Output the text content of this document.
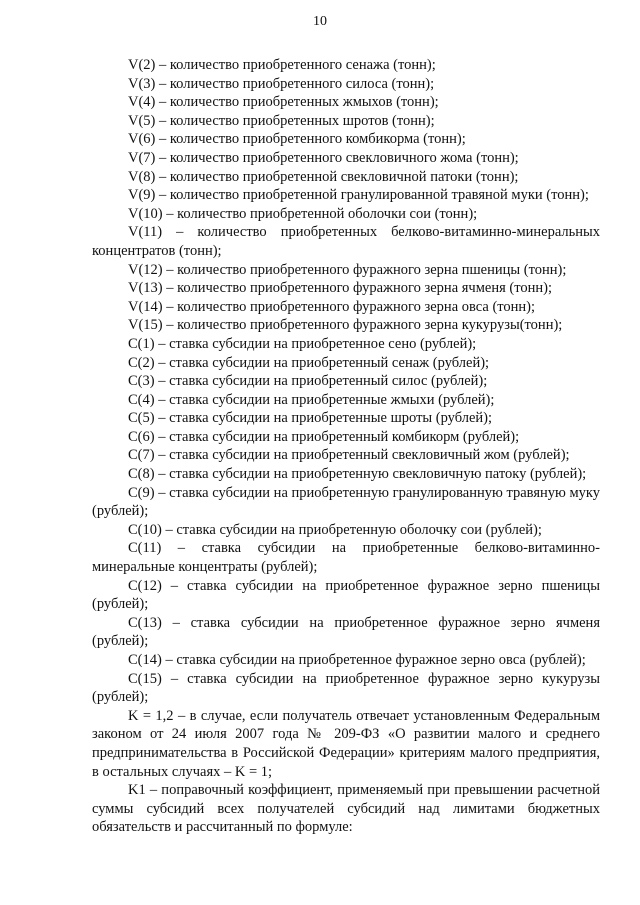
10
V(2) – количество приобретенного сенажа (тонн);
V(3) – количество приобретенного силоса (тонн);
V(4) – количество приобретенных жмыхов (тонн);
V(5) – количество приобретенных шротов (тонн);
V(6) – количество приобретенного комбикорма (тонн);
V(7) – количество приобретенного свекловичного жома (тонн);
V(8) – количество приобретенной свекловичной патоки (тонн);

V(9) – количество приобретенной гранулированной травяной муки (тонн);

V(10) – количество приобретенной оболочки сои (тонн);

V(11) – количество приобретенных белково-витаминно-минеральных концентратов (тонн);

V(12) – количество приобретенного фуражного зерна пшеницы (тонн);

V(13) – количество приобретенного фуражного зерна ячменя (тонн);

V(14) – количество приобретенного фуражного зерна овса (тонн);

V(15) – количество приобретенного фуражного зерна кукурузы(тонн);

C(1) – ставка субсидии на приобретенное сено (рублей);

C(2) – ставка субсидии на приобретенный сенаж (рублей);

C(3) – ставка субсидии на приобретенный силос (рублей);

C(4) – ставка субсидии на приобретенные жмыхи (рублей);

C(5) – ставка субсидии на приобретенные шроты (рублей);

C(6) – ставка субсидии на приобретенный комбикорм (рублей);

C(7) – ставка субсидии на приобретенный свекловичный жом (рублей);

C(8) – ставка субсидии на приобретенную свекловичную патоку (рублей);

C(9) – ставка субсидии на приобретенную гранулированную травяную муку (рублей);

C(10) – ставка субсидии на приобретенную оболочку сои (рублей);

C(11) – ставка субсидии на приобретенные белково-витаминно-минеральные концентраты (рублей);

C(12) – ставка субсидии на приобретенное фуражное зерно пшеницы (рублей);

C(13) – ставка субсидии на приобретенное фуражное зерно ячменя (рублей);

C(14) – ставка субсидии на приобретенное фуражное зерно овса (рублей);

C(15) – ставка субсидии на приобретенное фуражное зерно кукурузы (рублей);

K = 1,2 – в случае, если получатель отвечает установленным Федеральным законом от 24 июля 2007 года № 209-ФЗ «О развитии малого и среднего предпринимательства в Российской Федерации» критериям малого предприятия, в остальных случаях – K = 1;

K1 – поправочный коэффициент, применяемый при превышении расчетной суммы субсидий всех получателей субсидий над лимитами бюджетных обязательств и рассчитанный по формуле:
